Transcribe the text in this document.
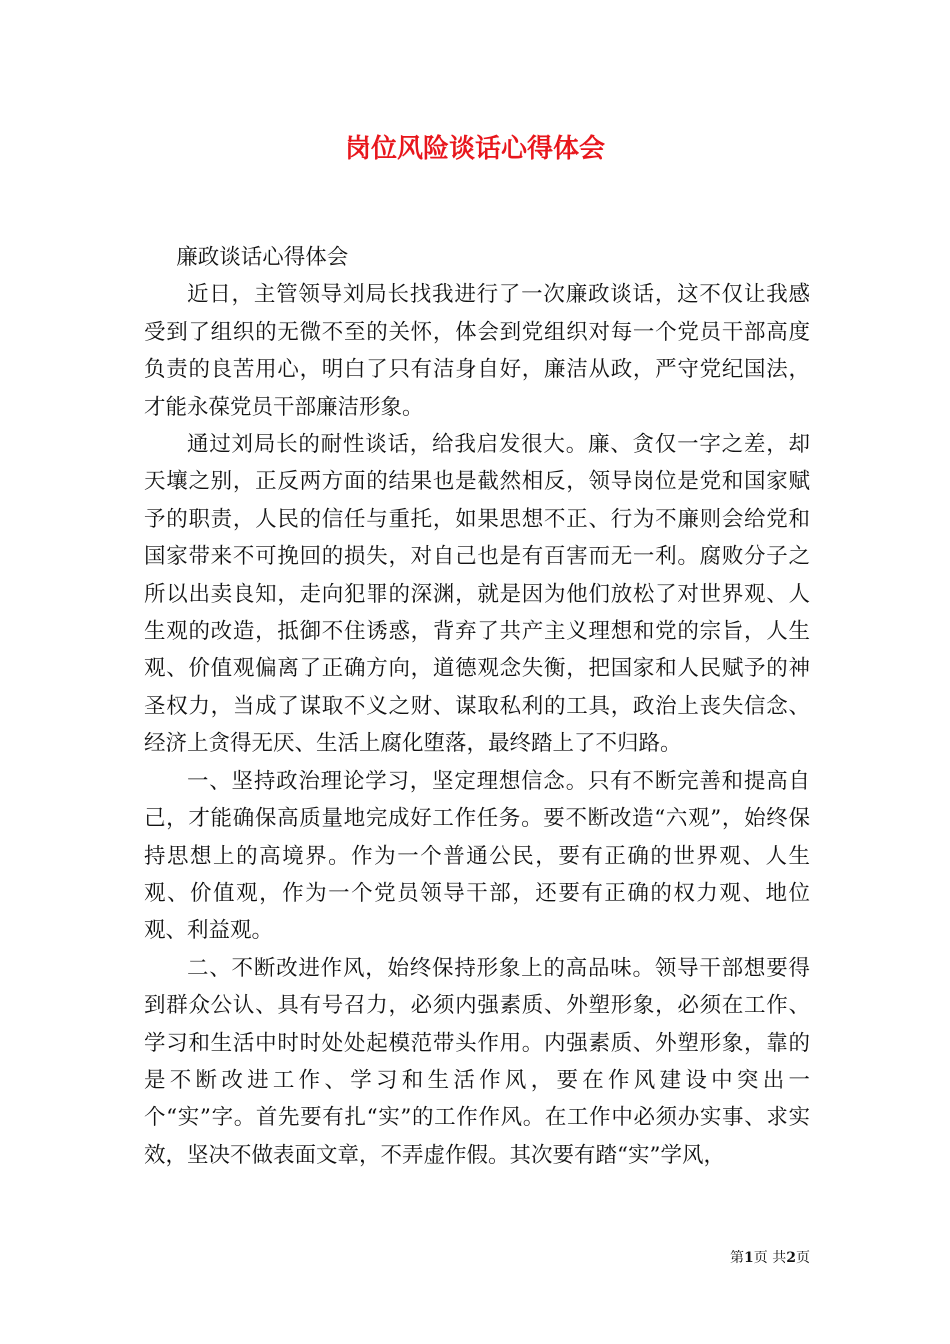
岗位风险谈话心得体会

廉政谈话心得体会

近日，主管领导刘局长找我进行了一次廉政谈话，这不仅让我感受到了组织的无微不至的关怀，体会到党组织对每一个党员干部高度负责的良苦用心，明白了只有洁身自好，廉洁从政，严守党纪国法，才能永葆党员干部廉洁形象。

通过刘局长的耐性谈话，给我启发很大。廉、贪仅一字之差，却天壤之别，正反两方面的结果也是截然相反，领导岗位是党和国家赋予的职责，人民的信任与重托，如果思想不正、行为不廉则会给党和国家带来不可挽回的损失，对自己也是有百害而无一利。腐败分子之所以出卖良知，走向犯罪的深渊，就是因为他们放松了对世界观、人生观的改造，抵御不住诱惑，背弃了共产主义理想和党的宗旨，人生观、价值观偏离了正确方向，道德观念失衡，把国家和人民赋予的神圣权力，当成了谋取不义之财、谋取私利的工具，政治上丧失信念、经济上贪得无厌、生活上腐化堕落，最终踏上了不归路。

一、坚持政治理论学习，坚定理想信念。只有不断完善和提高自己，才能确保高质量地完成好工作任务。要不断改造“六观”，始终保持思想上的高境界。作为一个普通公民，要有正确的世界观、人生观、价值观，作为一个党员领导干部，还要有正确的权力观、地位观、利益观。

二、不断改进作风，始终保持形象上的高品味。领导干部想要得到群众公认、具有号召力，必须内强素质、外塑形象，必须在工作、学习和生活中时时处处起模范带头作用。内强素质、外塑形象，靠的是不断改进工作、学习和生活作风，要在作风建设中突出一个“实”字。首先要有扎“实”的工作作风。在工作中必须办实事、求实效，坚决不做表面文章，不弄虚作假。其次要有踏“实”学风，

第1页 共2页
